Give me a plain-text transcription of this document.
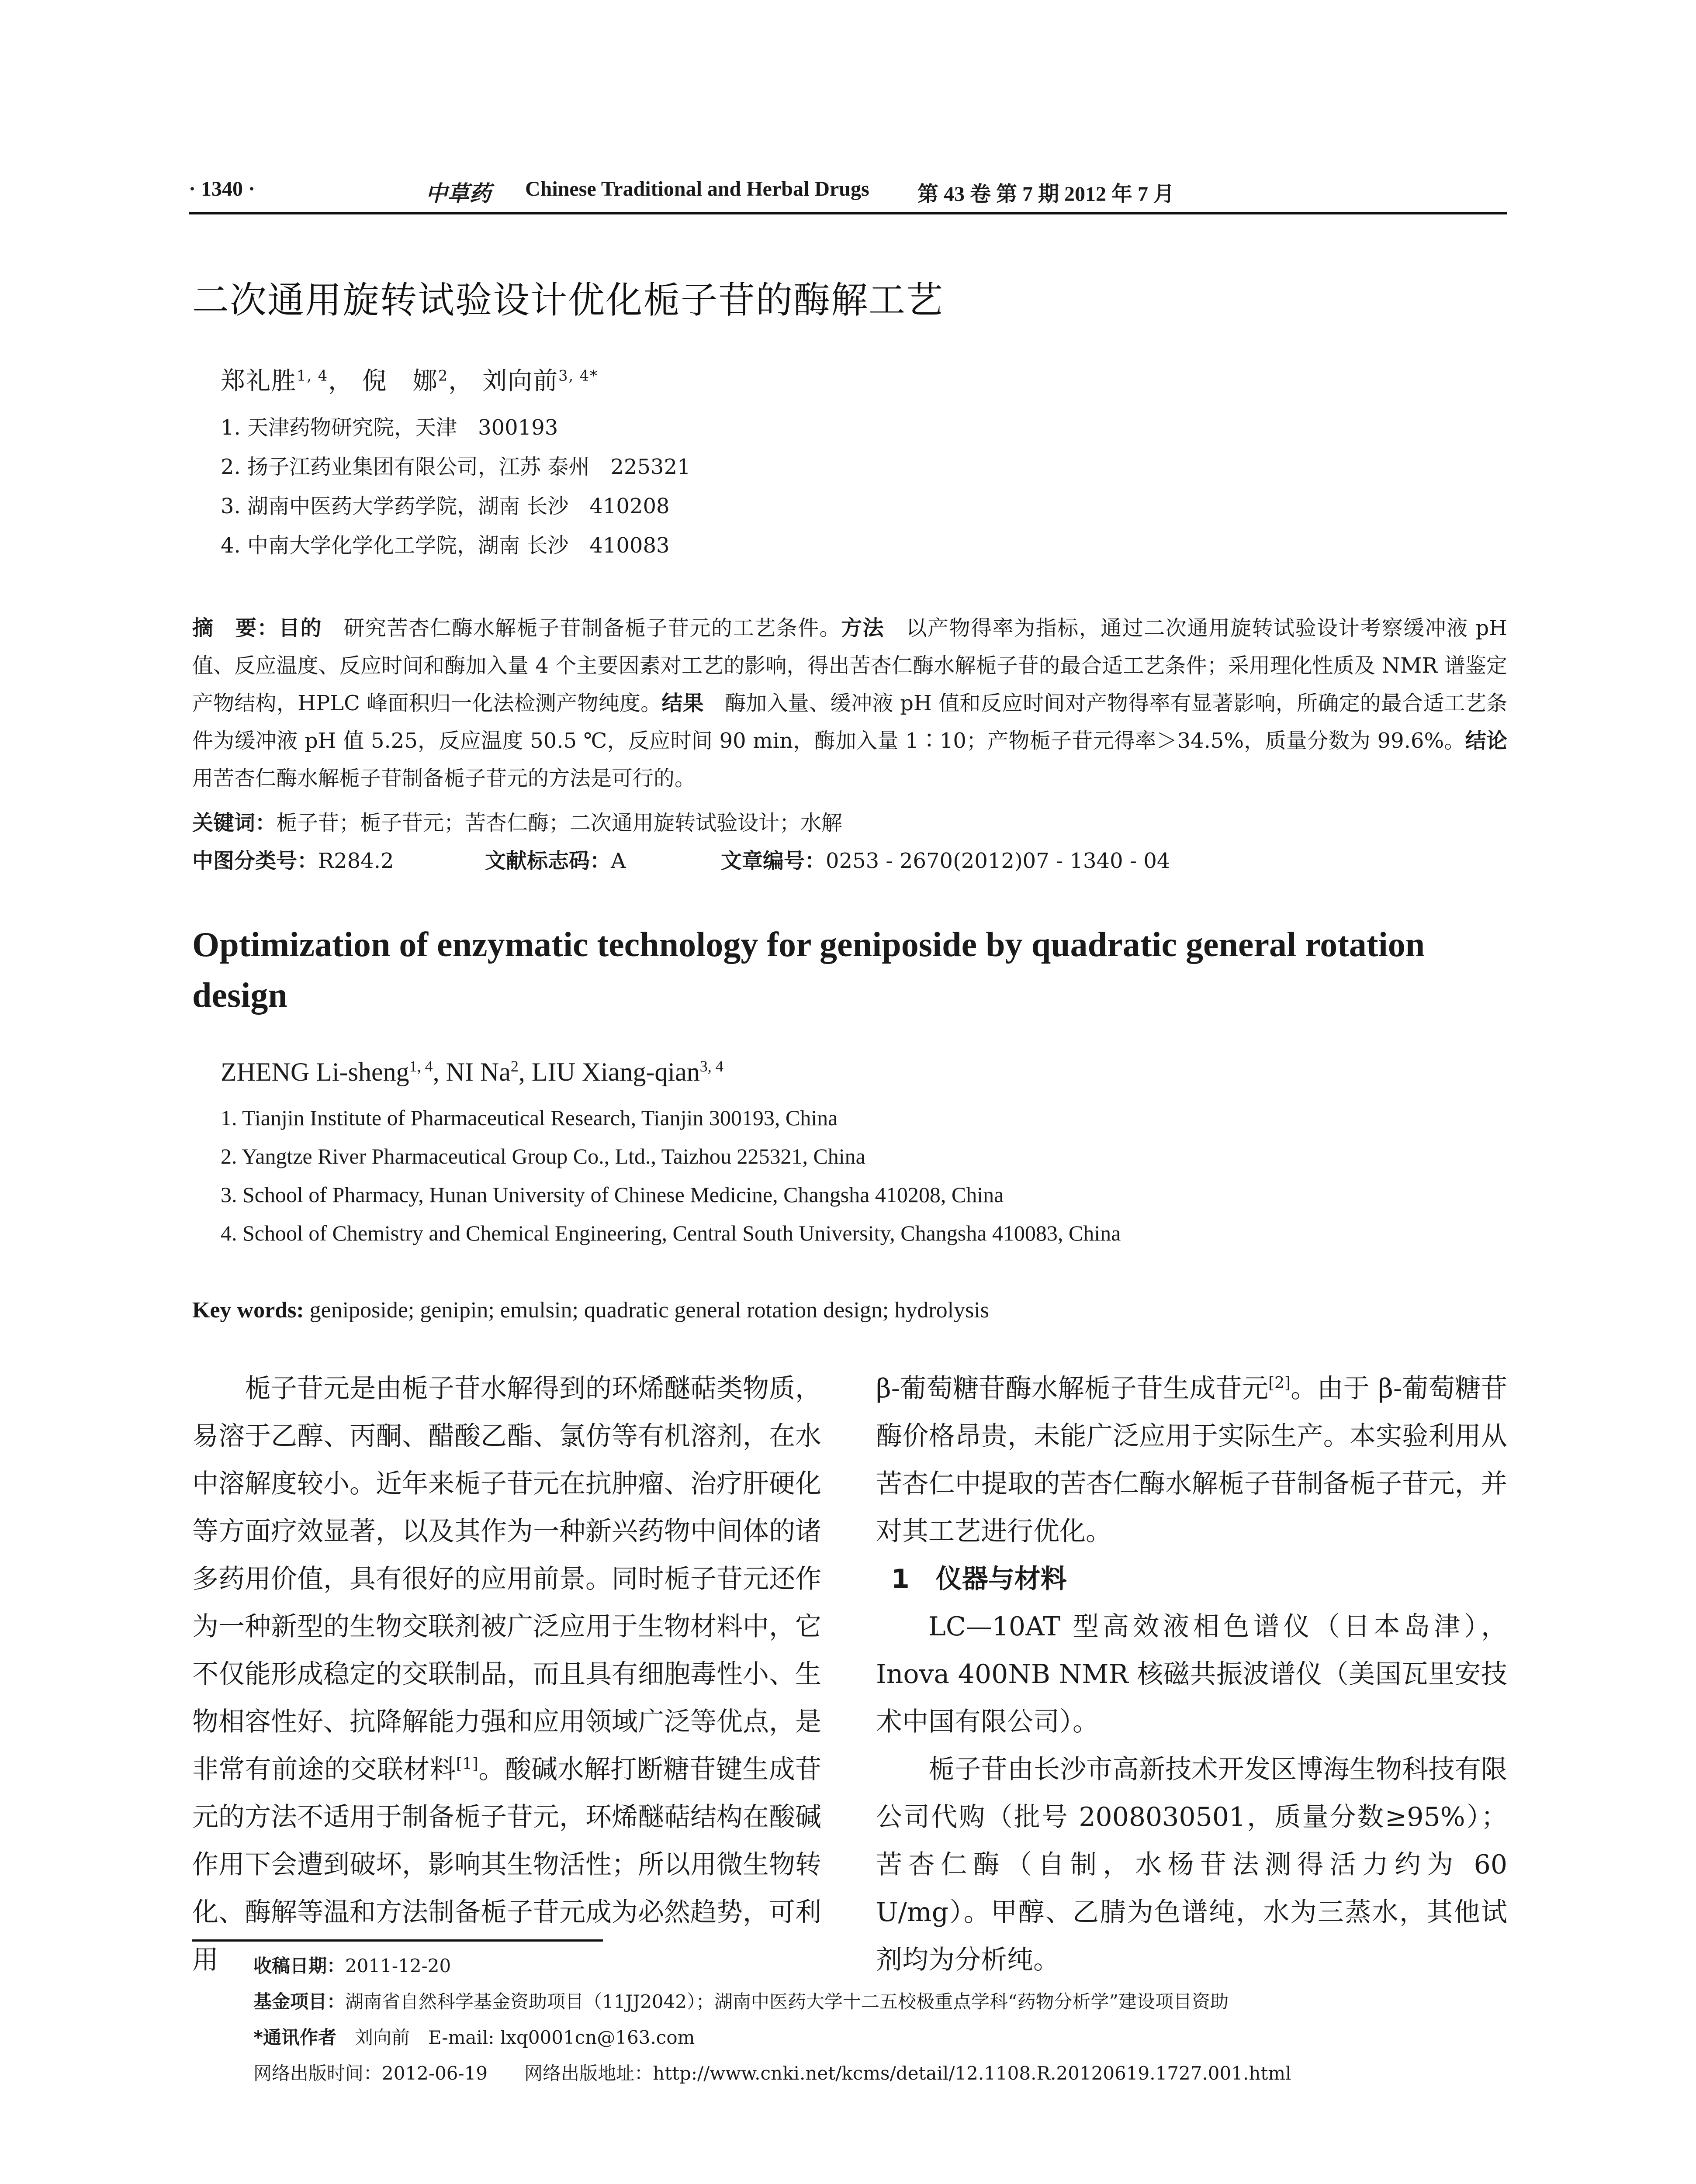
· 1340 ·	中草药 Chinese Traditional and Herbal Drugs 第 43 卷 第 7 期 2012 年 7 月
二次通用旋转试验设计优化栀子苷的酶解工艺
郑礼胜$^{1, 4}$， 倪　娜$^2$， 刘向前$^{3, 4*}$
1. 天津药物研究院，天津　300193
2. 扬子江药业集团有限公司，江苏 泰州　225321
3. 湖南中医药大学药学院，湖南 长沙　410208
4. 中南大学化学化工学院，湖南 长沙　410083
摘　要：目的　 研究苦杏仁酶水解栀子苷制备栀子苷元的工艺条件。方法　 以产物得率为指标，通过二次通用旋转试验设计考察缓冲液 pH 值、反应温度、反应时间和酶加入量 4 个主要因素对工艺的影响，得出苦杏仁酶水解栀子苷的最合适工艺条件；采用理化性质及 NMR 谱鉴定产物结构，HPLC 峰面积归一化法检测产物纯度。结果　 酶加入量、缓冲液 pH 值和反应时间对产物得率有显著影响，所确定的最合适工艺条件为缓冲液 pH 值 5.25，反应温度 50.5 ℃，反应时间 90 min，酶加入量 1∶10；产物栀子苷元得率＞34.5%，质量分数为 99.6%。结论　用苦杏仁酶水解栀子苷制备栀子苷元的方法是可行的。
关键词：栀子苷；栀子苷元；苦杏仁酶；二次通用旋转试验设计；水解
中图分类号：R284.2	文献标志码：A	文章编号：0253 - 2670(2012)07 - 1340 - 04
Optimization of enzymatic technology for geniposide by quadratic general rotation design
ZHENG Li-sheng$^{1, 4}$, NI Na$^2$, LIU Xiang-qian$^{3, 4}$
1. Tianjin Institute of Pharmaceutical Research, Tianjin 300193, China
2. Yangtze River Pharmaceutical Group Co., Ltd., Taizhou 225321, China
3. School of Pharmacy, Hunan University of Chinese Medicine, Changsha 410208, China
4. School of Chemistry and Chemical Engineering, Central South University, Changsha 410083, China
Key words: geniposide; genipin; emulsin; quadratic general rotation design; hydrolysis

栀子苷元是由栀子苷水解得到的环烯醚萜类物质，易溶于乙醇、丙酮、醋酸乙酯、氯仿等有机溶剂，在水中溶解度较小。近年来栀子苷元在抗肿瘤、治疗肝硬化等方面疗效显著，以及其作为一种新兴药物中间体的诸多药用价值，具有很好的应用前景。同时栀子苷元还作为一种新型的生物交联剂被广泛应用于生物材料中，它不仅能形成稳定的交联制品，而且具有细胞毒性小、生物相容性好、抗降解能力强和应用领域广泛等优点，是非常有前途的交联材料[1]。酸碱水解打断糖苷键生成苷元的方法不适用于制备栀子苷元，环烯醚萜结构在酸碱作用下会遭到破坏，影响其生物活性；所以用微生物转化、酶解等温和方法制备栀子苷元成为必然趋势，可利用

β-葡萄糖苷酶水解栀子苷生成苷元[2]。由于 β-葡萄糖苷酶价格昂贵，未能广泛应用于实际生产。本实验利用从苦杏仁中提取的苦杏仁酶水解栀子苷制备栀子苷元，并对其工艺进行优化。

1　仪器与材料

LC—10AT 型高效液相色谱仪（日本岛津），Inova 400NB NMR 核磁共振波谱仪（美国瓦里安技术中国有限公司）。

栀子苷由长沙市高新技术开发区博海生物科技有限公司代购（批号 2008030501，质量分数≥95%）；苦杏仁酶（自制，水杨苷法测得活力约为 60 U/mg）。甲醇、乙腈为色谱纯，水为三蒸水，其他试剂均为分析纯。

收稿日期：2011-12-20
基金项目：湖南省自然科学基金资助项目（11JJ2042）；湖南中医药大学十二五校极重点学科“药物分析学”建设项目资助
*通讯作者　刘向前　E-mail: lxq0001cn@163.com
网络出版时间：2012-06-19　　网络出版地址：http://www.cnki.net/kcms/detail/12.1108.R.20120619.1727.001.html
